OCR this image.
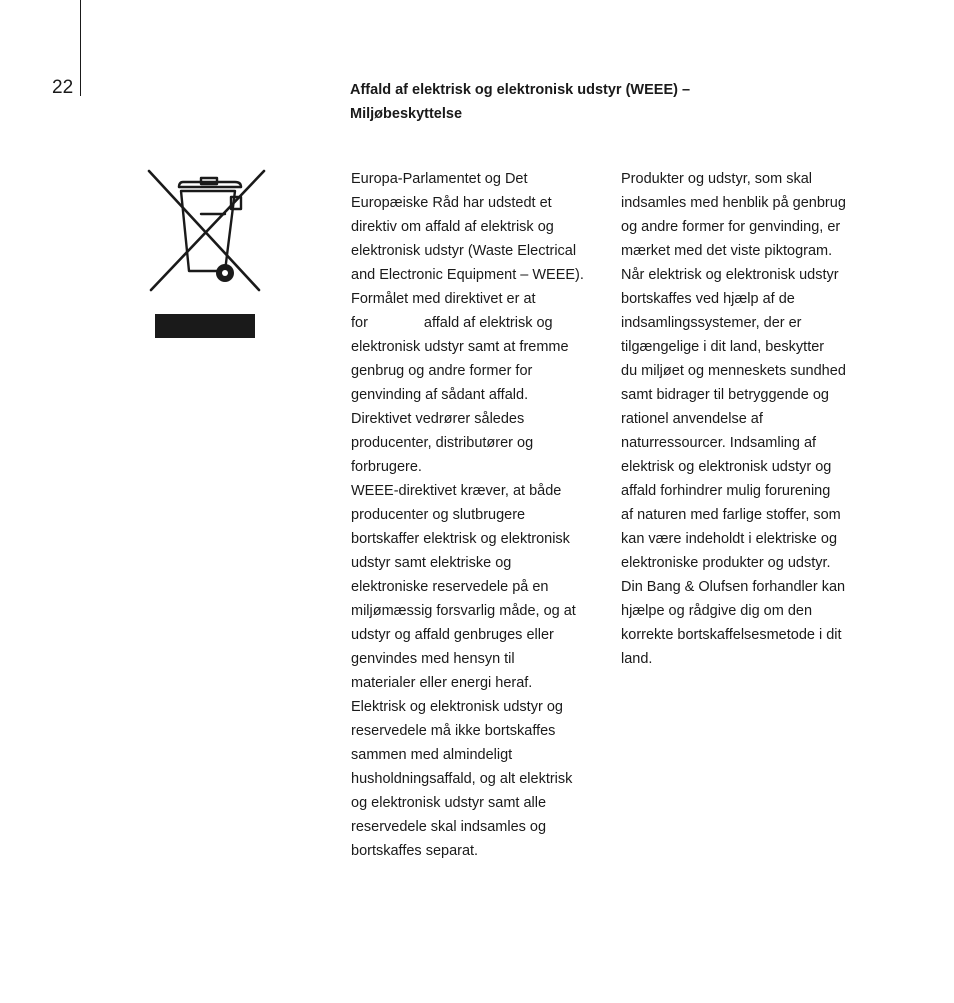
22	Affald af elektrisk og elektronisk udstyr (WEEE) –
Miljøbeskyttelse
Europa-Parlamentet og Det
Europæiske Råd har udstedt et
direktiv om affald af elektrisk og
elektronisk udstyr (Waste Electrical
and Electronic Equipment – WEEE).
Formålet med direktivet er at
for	affald af elektrisk og
elektronisk udstyr samt at fremme
genbrug og andre former for
genvinding af sådant affald.
Direktivet vedrører således
producenter, distributører og
forbrugere.
WEEE-direktivet kræver, at både
producenter og slutbrugere
bortskaffer elektrisk og elektronisk
udstyr samt elektriske og
elektroniske reservedele på en
miljømæssig forsvarlig måde, og at
udstyr og affald genbruges eller
genvindes med hensyn til
materialer eller energi heraf.
Elektrisk og elektronisk udstyr og
reservedele må ikke bortskaffes
sammen med almindeligt
husholdningsaffald, og alt elektrisk
og elektronisk udstyr samt alle
reservedele skal indsamles og
bortskaffes separat.
Produkter og udstyr, som skal
indsamles med henblik på genbrug
og andre former for genvinding, er
mærket med det viste piktogram.
Når elektrisk og elektronisk udstyr
bortskaffes ved hjælp af de
indsamlingssystemer, der er
tilgængelige i dit land, beskytter
du miljøet og menneskets sundhed
samt bidrager til betryggende og
rationel anvendelse af
naturressourcer. Indsamling af
elektrisk og elektronisk udstyr og
affald forhindrer mulig forurening
af naturen med farlige stoffer, som
kan være indeholdt i elektriske og
elektroniske produkter og udstyr.
Din Bang & Olufsen forhandler kan
hjælpe og rådgive dig om den
korrekte bortskaffelsesmetode i dit
land.
